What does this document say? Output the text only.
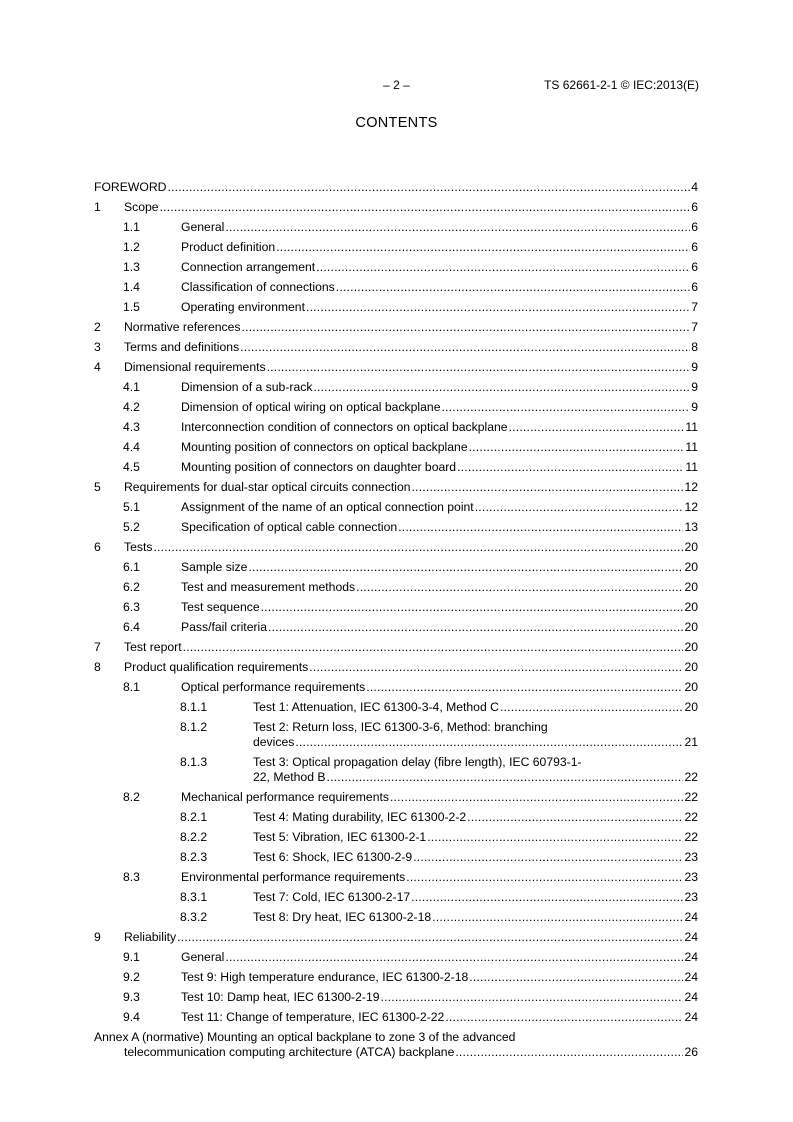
– 2 –	TS 62661-2-1 © IEC:2013(E)
CONTENTS
FOREWORD .....	4
1 Scope .....	6
1.1	General .....	6
1.2	Product definition .....	6
1.3	Connection arrangement .....	6
1.4	Classification of connections .....	6
1.5	Operating environment .....	7
2 Normative references .....	7
3 Terms and definitions .....	8
4 Dimensional requirements .....	9
4.1	Dimension of a sub-rack .....	9
4.2	Dimension of optical wiring on optical backplane .....	9
4.3	Interconnection condition of connectors on optical backplane .....	11
4.4	Mounting position of connectors on optical backplane .....	11
4.5	Mounting position of connectors on daughter board .....	11
5 Requirements for dual-star optical circuits connection .....	12
5.1	Assignment of the name of an optical connection point .....	12
5.2	Specification of optical cable connection .....	13
6 Tests .....	20
6.1	Sample size .....	20
6.2	Test and measurement methods .....	20
6.3	Test sequence .....	20
6.4	Pass/fail criteria .....	20
7 Test report .....	20
8 Product qualification requirements .....	20
8.1	Optical performance requirements .....	20
8.1.1	Test 1: Attenuation, IEC 61300-3-4, Method C .....	20
8.1.2	Test 2: Return loss, IEC 61300-3-6, Method: branching
devices .....	21
8.1.3	Test 3: Optical propagation delay (fibre length), IEC 60793-1-
22, Method B .....	22
8.2	Mechanical performance requirements .....	22
8.2.1	Test 4: Mating durability, IEC 61300-2-2 .....	22
8.2.2	Test 5: Vibration, IEC 61300-2-1 .....	22
8.2.3	Test 6: Shock, IEC 61300-2-9 .....	23
8.3	Environmental performance requirements .....	23
8.3.1	Test 7: Cold, IEC 61300-2-17 .....	23
8.3.2	Test 8: Dry heat, IEC 61300-2-18 .....	24
9 Reliability .....	24
9.1	General .....	24
9.2	Test 9: High temperature endurance, IEC 61300-2-18 .....	24
9.3	Test 10: Damp heat, IEC 61300-2-19 .....	24
9.4	Test 11: Change of temperature, IEC 61300-2-22 .....	24
Annex A (normative) Mounting an optical backplane to zone 3 of the advanced
telecommunication computing architecture (ATCA) backplane .....	26
